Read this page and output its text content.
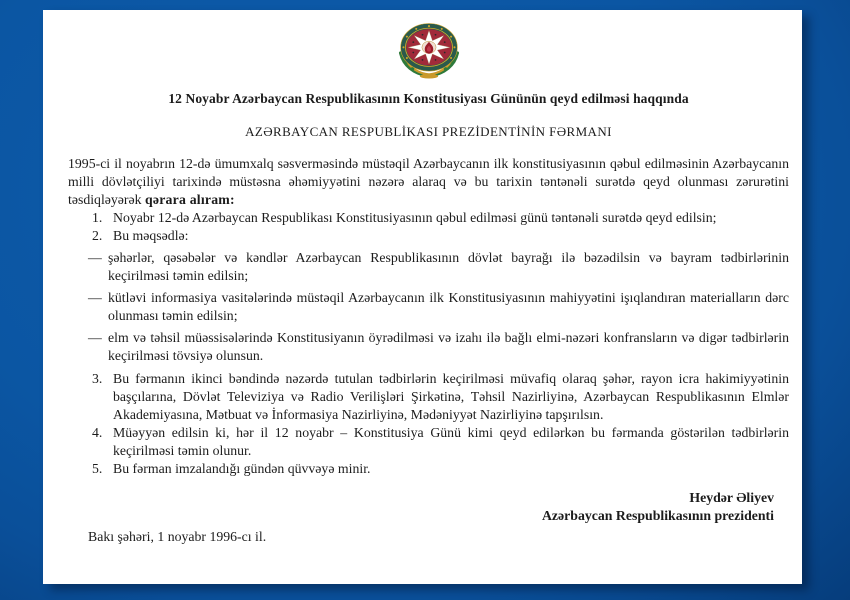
12 Noyabr Azərbaycan Respublikasının Konstitusiyası Gününün qeyd edilməsi haqqında
AZƏRBAYCAN RESPUBLİKASI PREZİDENTİNİN FƏRMANI

1995-ci il noyabrın 12-də ümumxalq səsverməsində müstəqil Azərbaycanın ilk konstitusiyasının qəbul edilməsinin Azərbaycanın milli dövlətçiliyi tarixində müstəsna əhəmiyyətini nəzərə alaraq və bu tarixin təntənəli surətdə qeyd olunması zərurətini təsdiqləyərək qərara alıram:

1. Noyabr 12-də Azərbaycan Respublikası Konstitusiyasının qəbul edilməsi günü təntənəli surətdə qeyd edilsin;
2. Bu məqsədlə:
— şəhərlər, qəsəbələr və kəndlər Azərbaycan Respublikasının dövlət bayrağı ilə bəzədilsin və bayram tədbirlərinin keçirilməsi təmin edilsin;
— kütləvi informasiya vasitələrində müstəqil Azərbaycanın ilk Konstitusiyasının mahiyyətini işıqlandıran materialların dərc olunması təmin edilsin;
— elm və təhsil müəssisələrində Konstitusiyanın öyrədilməsi və izahı ilə bağlı elmi-nəzəri konfransların və digər tədbirlərin keçirilməsi tövsiyə olunsun.
3. Bu fərmanın ikinci bəndində nəzərdə tutulan tədbirlərin keçirilməsi müvafiq olaraq şəhər, rayon icra hakimiyyətinin başçılarına, Dövlət Televiziya və Radio Verilişləri Şirkətinə, Təhsil Nazirliyinə, Azərbaycan Respublikasının Elmlər Akademiyasına, Mətbuat və İnformasiya Nazirliyinə, Mədəniyyət Nazirliyinə tapşırılsın.
4. Müəyyən edilsin ki, hər il 12 noyabr – Konstitusiya Günü kimi qeyd edilərkən bu fərmanda göstərilən tədbirlərin keçirilməsi təmin olunur.
5. Bu fərman imzalandığı gündən qüvvəyə minir.
Heydər Əliyev
Azərbaycan Respublikasının prezidenti
Bakı şəhəri, 1 noyabr 1996-cı il.
